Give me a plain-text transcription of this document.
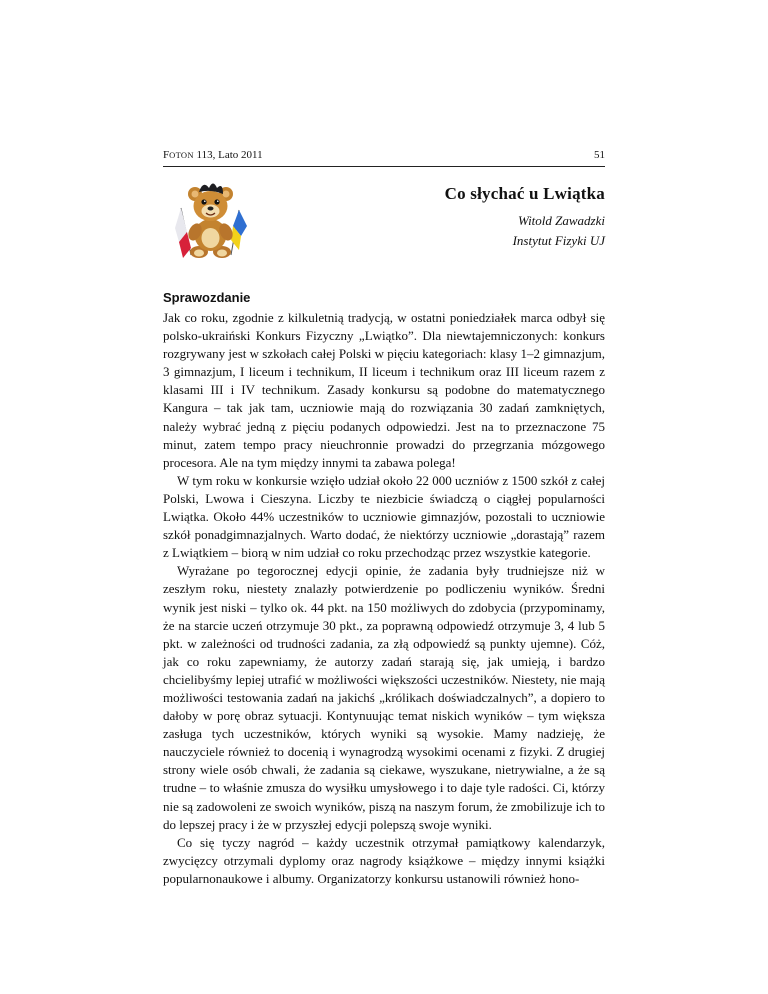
FOTON 113, Lato 2011	51
Co słychać u Lwiątka
Witold Zawadzki
Instytut Fizyki UJ
Sprawozdanie

Jak co roku, zgodnie z kilkuletnią tradycją, w ostatni poniedziałek marca odbył się polsko-ukraiński Konkurs Fizyczny „Lwiątko”. Dla niewtajemniczonych: konkurs rozgrywany jest w szkołach całej Polski w pięciu kategoriach: klasy 1–2 gimnazjum, 3 gimnazjum, I liceum i technikum, II liceum i technikum oraz III liceum razem z klasami III i IV technikum. Zasady konkursu są podobne do matematycznego Kangura – tak jak tam, uczniowie mają do rozwiązania 30 zadań zamkniętych, należy wybrać jedną z pięciu podanych odpowiedzi. Jest na to przeznaczone 75 minut, zatem tempo pracy nieuchronnie prowadzi do przegrzania mózgowego procesora. Ale na tym między innymi ta zabawa polega!

W tym roku w konkursie wzięło udział około 22 000 uczniów z 1500 szkół z całej Polski, Lwowa i Cieszyna. Liczby te niezbicie świadczą o ciągłej popularności Lwiątka. Około 44% uczestników to uczniowie gimnazjów, pozostali to uczniowie szkół ponadgimnazjalnych. Warto dodać, że niektórzy uczniowie „dorastają” razem z Lwiątkiem – biorą w nim udział co roku przechodząc przez wszystkie kategorie.

Wyrażane po tegorocznej edycji opinie, że zadania były trudniejsze niż w zeszłym roku, niestety znalazły potwierdzenie po podliczeniu wyników. Średni wynik jest niski – tylko ok. 44 pkt. na 150 możliwych do zdobycia (przypominamy, że na starcie uczeń otrzymuje 30 pkt., za poprawną odpowiedź otrzymuje 3, 4 lub 5 pkt. w zależności od trudności zadania, za złą odpowiedź są punkty ujemne). Cóż, jak co roku zapewniamy, że autorzy zadań starają się, jak umieją, i bardzo chcielibyśmy lepiej utrafić w możliwości większości uczestników. Niestety, nie mają możliwości testowania zadań na jakichś „królikach doświadczalnych”, a dopiero to dałoby w porę obraz sytuacji. Kontynuując temat niskich wyników – tym większa zasługa tych uczestników, których wyniki są wysokie. Mamy nadzieję, że nauczyciele również to docenią i wynagrodzą wysokimi ocenami z fizyki. Z drugiej strony wiele osób chwali, że zadania są ciekawe, wyszukane, nietrywialne, a że są trudne – to właśnie zmusza do wysiłku umysłowego i to daje tyle radości. Ci, którzy nie są zadowoleni ze swoich wyników, piszą na naszym forum, że zmobilizuje ich to do lepszej pracy i że w przyszłej edycji polepszą swoje wyniki.

Co się tyczy nagród – każdy uczestnik otrzymał pamiątkowy kalendarzyk, zwycięzcy otrzymali dyplomy oraz nagrody książkowe – między innymi książki popularnonaukowe i albumy. Organizatorzy konkursu ustanowili również hono-
